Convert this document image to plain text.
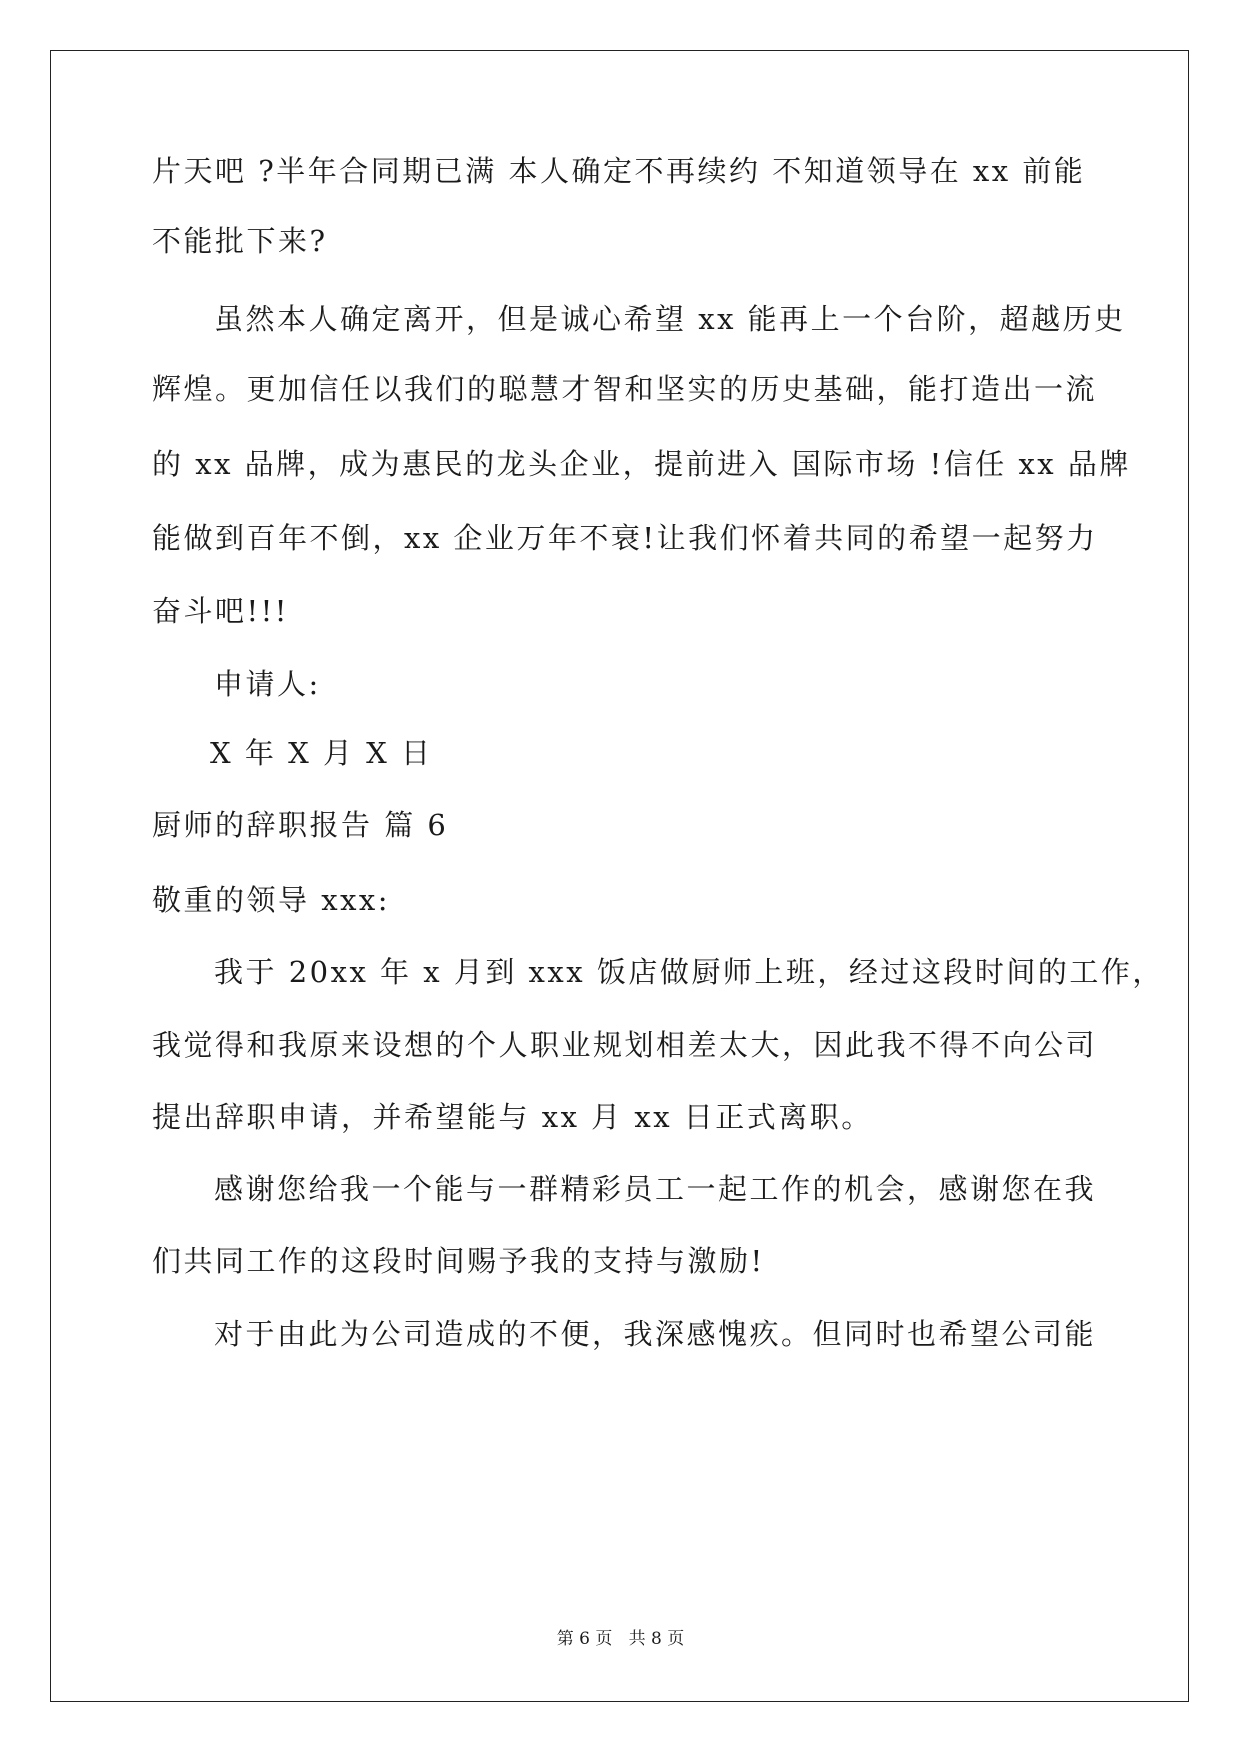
片天吧 ?半年合同期已满 本人确定不再续约 不知道领导在 xx 前能
不能批下来?
虽然本人确定离开，但是诚心希望 xx 能再上一个台阶，超越历史
辉煌。更加信任以我们的聪慧才智和坚实的历史基础，能打造出一流
的 xx 品牌，成为惠民的龙头企业，提前进入 国际市场 !信任 xx 品牌
能做到百年不倒，xx 企业万年不衰!让我们怀着共同的希望一起努力
奋斗吧!!!
申请人:
X 年 X 月 X 日
厨师的辞职报告 篇 6
敬重的领导 xxx:
我于 20xx 年 x 月到 xxx 饭店做厨师上班，经过这段时间的工作，
我觉得和我原来设想的个人职业规划相差太大，因此我不得不向公司
提出辞职申请，并希望能与 xx 月 xx 日正式离职。
感谢您给我一个能与一群精彩员工一起工作的机会，感谢您在我
们共同工作的这段时间赐予我的支持与激励!
对于由此为公司造成的不便，我深感愧疚。但同时也希望公司能
第 6 页   共 8 页
